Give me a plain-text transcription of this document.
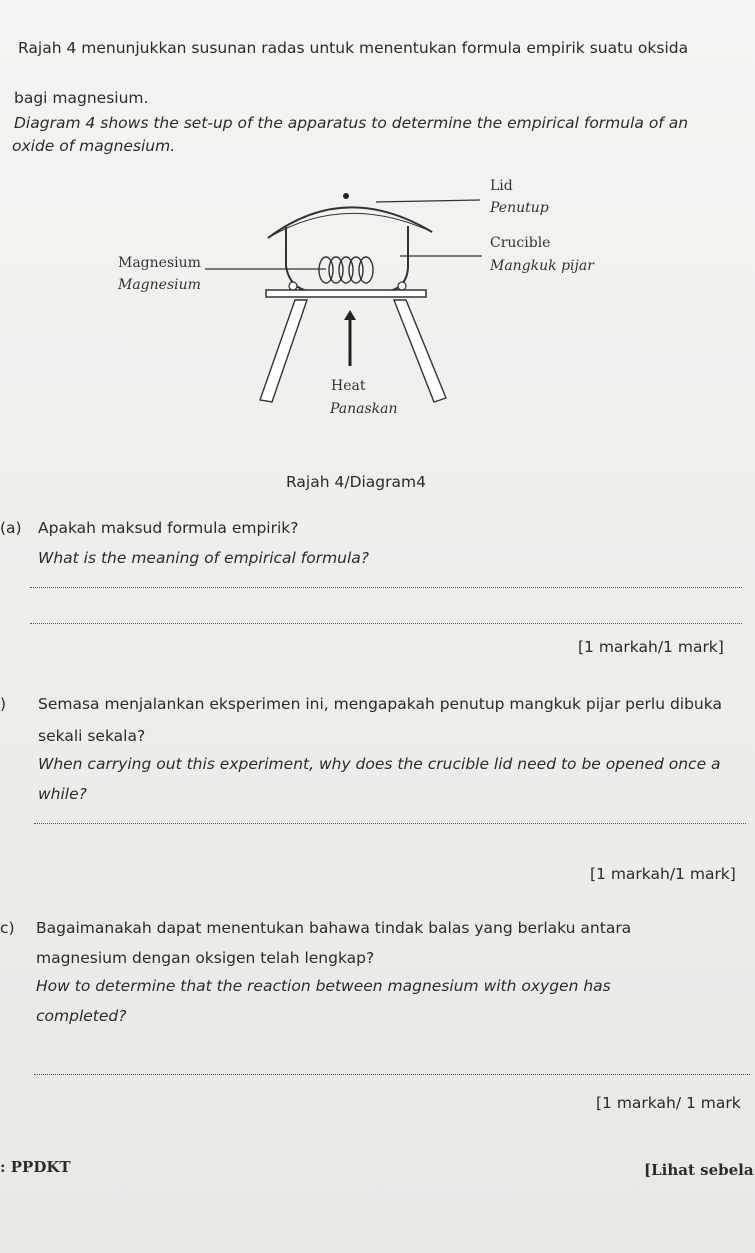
Rajah 4 menunjukkan susunan radas untuk menentukan formula empirik suatu oksida
bagi magnesium.
Diagram 4 shows the set-up of the apparatus to determine the empirical formula of an
oxide of magnesium.
Lid
Penutup
Crucible
Mangkuk pijar
Magnesium
Magnesium
Heat
Panaskan
Rajah 4/Diagram4
(a) Apakah maksud formula empirik?
What is the meaning of empirical formula?
[1 markah/1 mark]
) Semasa menjalankan eksperimen ini, mengapakah penutup mangkuk pijar perlu dibuka
sekali sekala?
When carrying out this experiment, why does the crucible lid need to be opened once a
while?
[1 markah/1 mark]
c) Bagaimanakah dapat menentukan bahawa tindak balas yang berlaku antara
magnesium dengan oksigen telah lengkap?
How to determine that the reaction between magnesium with oxygen has
completed?
[1 markah/ 1 mark
: PPDKT	[Lihat sebela
